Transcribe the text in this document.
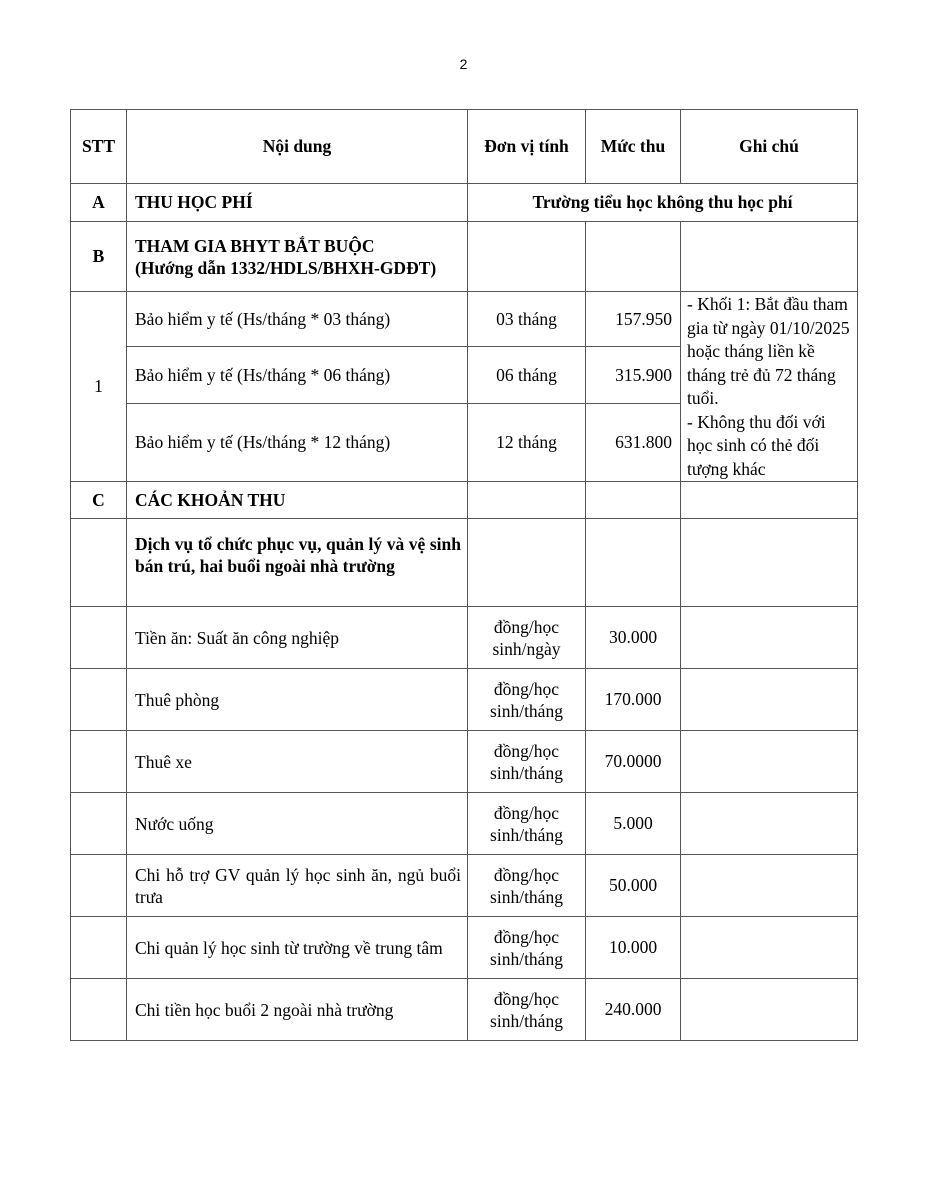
2
STT	Nội dung	Đơn vị tính	Mức thu	Ghi chú
A	THU HỌC PHÍ	Trường tiểu học không thu học phí		
B	THAM GIA BHYT BẮT BUỘC
(Hướng dẫn 1332/HDLS/BHXH-GDĐT)			

1	Bảo hiểm y tế (Hs/tháng * 03 tháng)	03 tháng	157.950	- Khối 1: Bắt đầu tham gia từ ngày 01/10/2025 hoặc tháng liền kề tháng trẻ đủ 72 tháng tuổi.
- Không thu đối với học sinh có thẻ đối tượng khác

	Bảo hiểm y tế (Hs/tháng * 06 tháng)	06 tháng	315.900	
	Bảo hiểm y tế (Hs/tháng * 12 tháng)	12 tháng	631.800	
C	CÁC KHOẢN THU			
	Dịch vụ tổ chức phục vụ, quản lý và vệ sinh bán trú, hai buổi ngoài nhà trường			
	Tiền ăn: Suất ăn công nghiệp	đồng/học sinh/ngày	30.000	
	Thuê phòng	đồng/học sinh/tháng	170.000	
	Thuê xe	đồng/học sinh/tháng	70.0000	
	Nước uống	đồng/học sinh/tháng	5.000	
	Chi hỗ trợ GV quản lý học sinh ăn, ngủ buổi trưa	đồng/học sinh/tháng	50.000	
	Chi quản lý học sinh từ trường về trung tâm	đồng/học sinh/tháng	10.000	
	Chi tiền học buổi 2 ngoài nhà trường	đồng/học sinh/tháng	240.000	
